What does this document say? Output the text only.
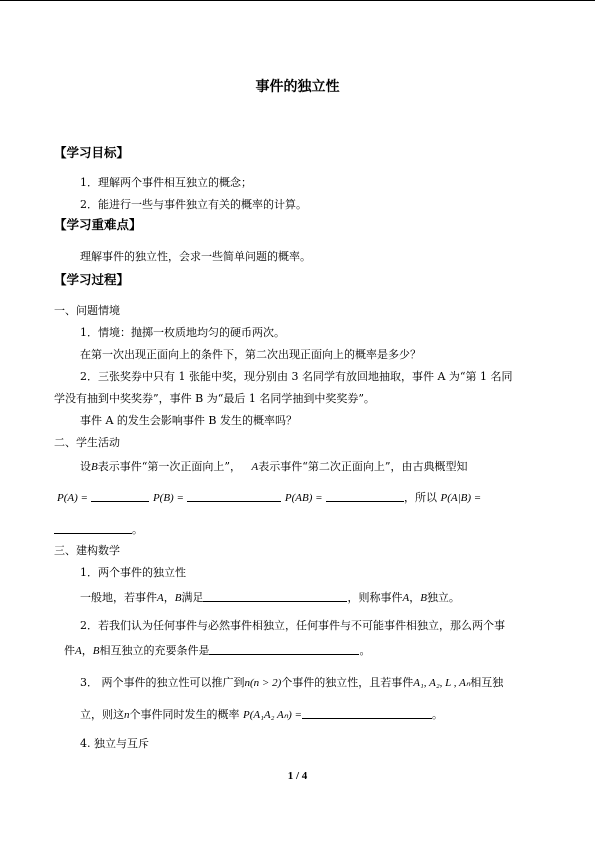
事件的独立性
【学习目标】
1．理解两个事件相互独立的概念；
2．能进行一些与事件独立有关的概率的计算。
【学习重难点】
理解事件的独立性，会求一些简单问题的概率。
【学习过程】
一、问题情境
1．情境：抛掷一枚质地均匀的硬币两次。
在第一次出现正面向上的条件下，第二次出现正面向上的概率是多少？
2．三张奖券中只有 1 张能中奖，现分别由 3 名同学有放回地抽取，事件 A 为“第 1 名同
学没有抽到中奖奖券”，事件 B 为“最后 1 名同学抽到中奖奖券”。
事件 A 的发生会影响事件 B 发生的概率吗？
二、学生活动
设B表示事件“第一次正面向上”， A表示事件“第二次正面向上”，由古典概型知
P(A) =	P(B) =	P(AB) =	，所以 P(A|B) =
。
三、建构数学
1．两个事件的独立性
一般地，若事件A，B满足	，则称事件A，B独立。
2．若我们认为任何事件与必然事件相独立，任何事件与不可能事件相独立，那么两个事
件A，B相互独立的充要条件是	。
3． 两个事件的独立性可以推广到n(n > 2)个事件的独立性，且若事件A₁, A₂, L , Aₙ相互独
立，则这n个事件同时发生的概率 P(A₁A₂ Aₙ) =	。
4. 独立与互斥
1 / 4
